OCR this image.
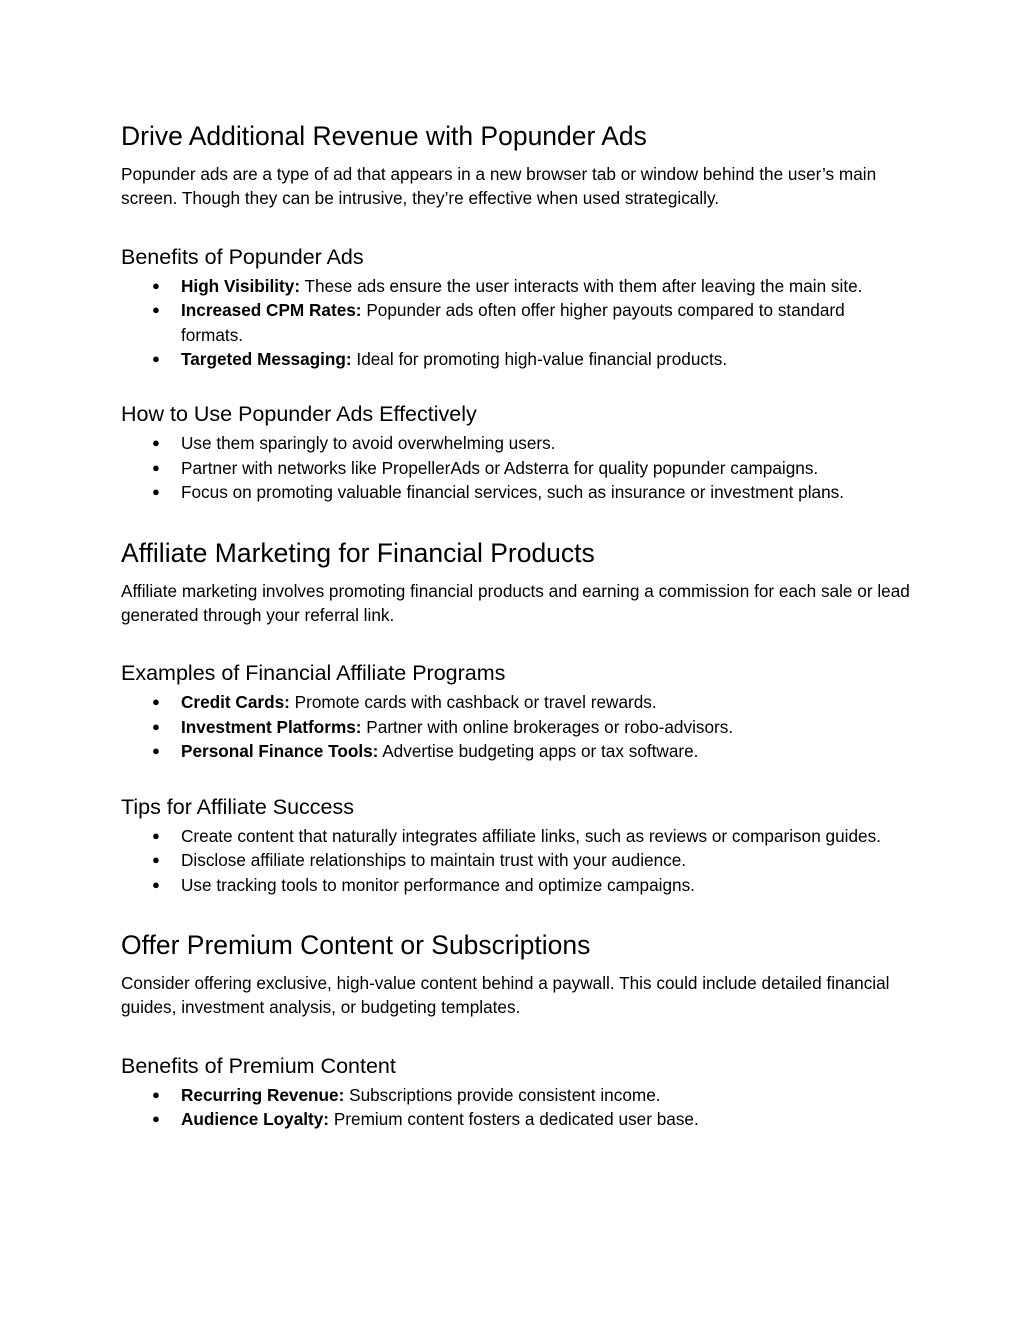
Drive Additional Revenue with Popunder Ads

Popunder ads are a type of ad that appears in a new browser tab or window behind the user’s main screen. Though they can be intrusive, they’re effective when used strategically.

Benefits of Popunder Ads
● High Visibility: These ads ensure the user interacts with them after leaving the main site.
● Increased CPM Rates: Popunder ads often offer higher payouts compared to standard formats.
● Targeted Messaging: Ideal for promoting high-value financial products.
How to Use Popunder Ads Effectively
● Use them sparingly to avoid overwhelming users.
● Partner with networks like PropellerAds or Adsterra for quality popunder campaigns.
● Focus on promoting valuable financial services, such as insurance or investment plans.
Affiliate Marketing for Financial Products

Affiliate marketing involves promoting financial products and earning a commission for each sale or lead generated through your referral link.

Examples of Financial Affiliate Programs
● Credit Cards: Promote cards with cashback or travel rewards.
● Investment Platforms: Partner with online brokerages or robo-advisors.
● Personal Finance Tools: Advertise budgeting apps or tax software.
Tips for Affiliate Success
● Create content that naturally integrates affiliate links, such as reviews or comparison guides.
● Disclose affiliate relationships to maintain trust with your audience.
● Use tracking tools to monitor performance and optimize campaigns.
Offer Premium Content or Subscriptions

Consider offering exclusive, high-value content behind a paywall. This could include detailed financial guides, investment analysis, or budgeting templates.

Benefits of Premium Content
● Recurring Revenue: Subscriptions provide consistent income.
● Audience Loyalty: Premium content fosters a dedicated user base.
